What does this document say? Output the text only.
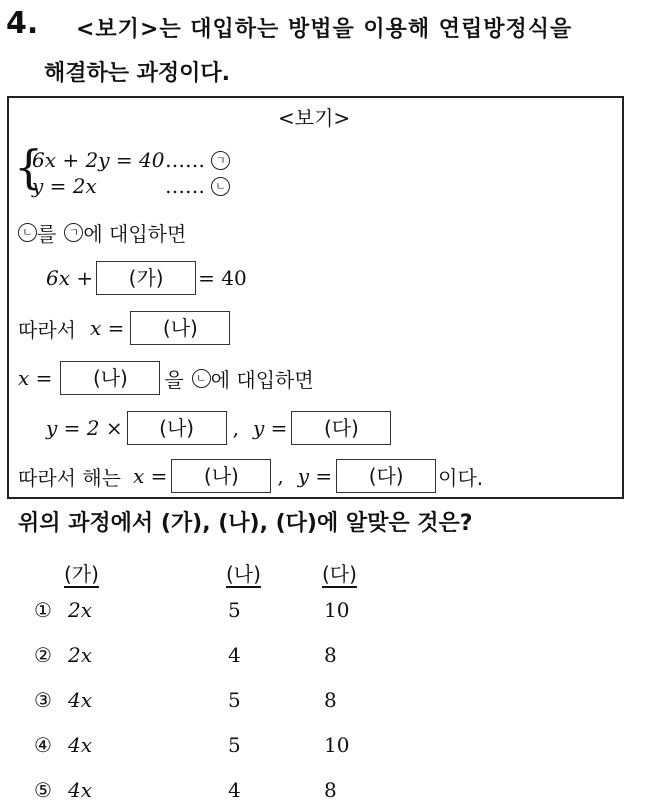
4. <보기>는 대입하는 방법을 이용해 연립방정식을
해결하는 과정이다.
<보기>
{
6x + 2y = 40 …… ㄱ
y = 2x	…… ㄴ
ㄴ 를	ㄱ 에 대입하면
6x +	(가)	= 40
따라서 x =	(나)
x =	(나)	을	ㄴ 에 대입하면
y = 2 ×	(나)	, y =	(다)
따라서 해는 x =	(나)	, y =	(다)	이다.
위의 과정에서 (가), (나), (다)에 알맞은 것은?
(가)	(나)	(다)
① 2x	5	10
② 2x	4	8
③ 4x	5	8
④ 4x	5	10
⑤ 4x	4	8
